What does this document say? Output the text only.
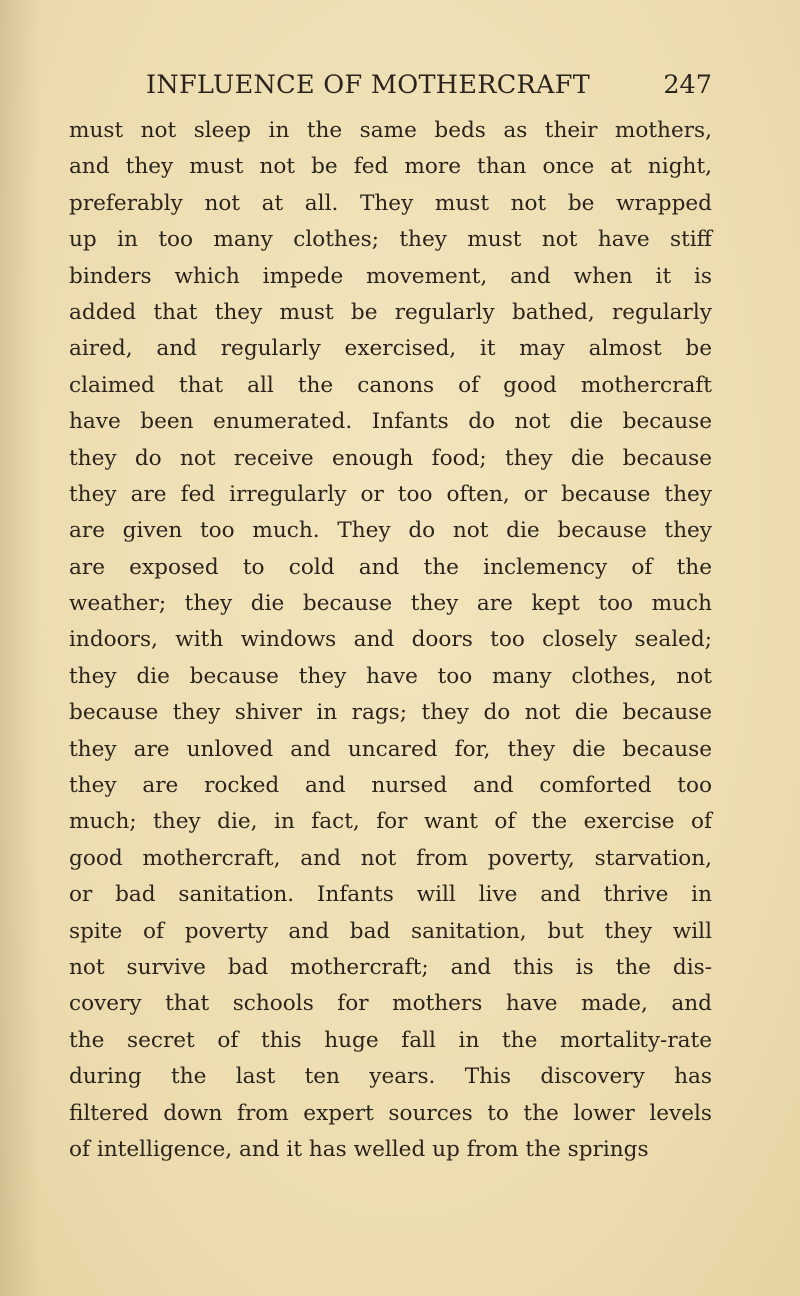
INFLUENCE OF MOTHERCRAFT	247
must not sleep in the same beds as their mothers,
and they must not be fed more than once at night,
preferably not at all. They must not be wrapped
up in too many clothes; they must not have stiff
binders which impede movement, and when it is
added that they must be regularly bathed, regularly
aired, and regularly exercised, it may almost be
claimed that all the canons of good mothercraft
have been enumerated. Infants do not die because
they do not receive enough food; they die because
they are fed irregularly or too often, or because they
are given too much. They do not die because they
are exposed to cold and the inclemency of the
weather; they die because they are kept too much
indoors, with windows and doors too closely sealed;
they die because they have too many clothes, not
because they shiver in rags; they do not die because
they are unloved and uncared for, they die because
they are rocked and nursed and comforted too
much; they die, in fact, for want of the exercise of
good mothercraft, and not from poverty, starvation,
or bad sanitation. Infants will live and thrive in
spite of poverty and bad sanitation, but they will
not survive bad mothercraft; and this is the dis-
covery that schools for mothers have made, and
the secret of this huge fall in the mortality-rate
during the last ten years. This discovery has
filtered down from expert sources to the lower levels
of intelligence, and it has welled up from the springs
